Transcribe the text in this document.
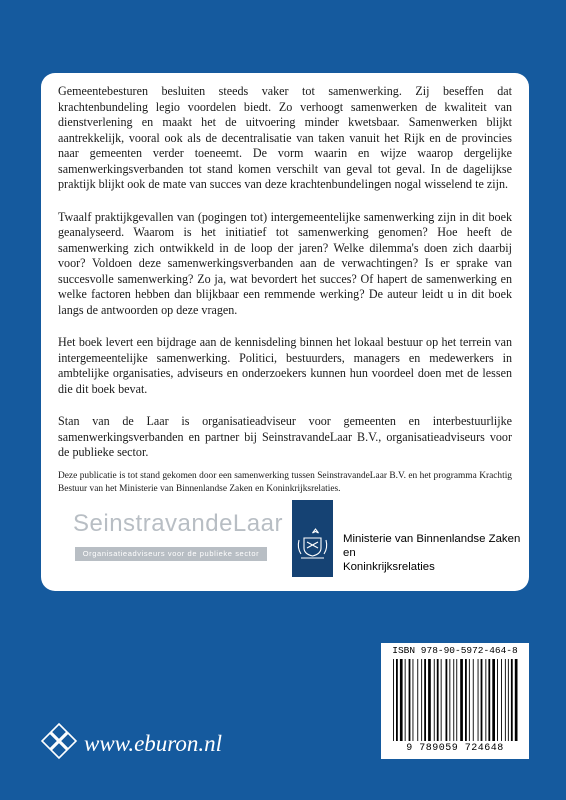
Gemeentebesturen besluiten steeds vaker tot samenwerking. Zij beseffen dat krachtenbundeling legio voordelen biedt. Zo verhoogt samenwerken de kwaliteit van dienstverlening en maakt het de uitvoering minder kwetsbaar. Samenwerken blijkt aantrekkelijk, vooral ook als de decentralisatie van taken vanuit het Rijk en de provincies naar gemeenten verder toeneemt. De vorm waarin en wijze waarop dergelijke samenwerkingsverbanden tot stand komen verschilt van geval tot geval. In de dagelijkse praktijk blijkt ook de mate van succes van deze krachtenbundelingen nogal wisselend te zijn.

Twaalf praktijkgevallen van (pogingen tot) intergemeentelijke samenwerking zijn in dit boek geanalyseerd. Waarom is het initiatief tot samenwerking genomen? Hoe heeft de samenwerking zich ontwikkeld in de loop der jaren? Welke dilemma's doen zich daarbij voor? Voldoen deze samenwerkingsverbanden aan de verwachtingen? Is er sprake van succesvolle samenwerking? Zo ja, wat bevordert het succes? Of hapert de samenwerking en welke factoren hebben dan blijkbaar een remmende werking? De auteur leidt u in dit boek langs de antwoorden op deze vragen.

Het boek levert een bijdrage aan de kennisdeling binnen het lokaal bestuur op het terrein van intergemeentelijke samenwerking. Politici, bestuurders, managers en medewerkers in ambtelijke organisaties, adviseurs en onderzoekers kunnen hun voordeel doen met de lessen die dit boek bevat.

Stan van de Laar is organisatieadviseur voor gemeenten en interbestuurlijke samenwerkingsverbanden en partner bij SeinstravandeLaar B.V., organisatieadviseurs voor de publieke sector.

Deze publicatie is tot stand gekomen door een samenwerking tussen SeinstravandeLaar B.V. en het programma Krachtig Bestuur van het Ministerie van Binnenlandse Zaken en Koninkrijksrelaties.

SeinstravandeLaar
Organisatieadviseurs voor de publieke sector
Ministerie van Binnenlandse Zaken en
Koninkrijksrelaties
ISBN 978-90-5972-464-8
9 789059 724648
www.eburon.nl
